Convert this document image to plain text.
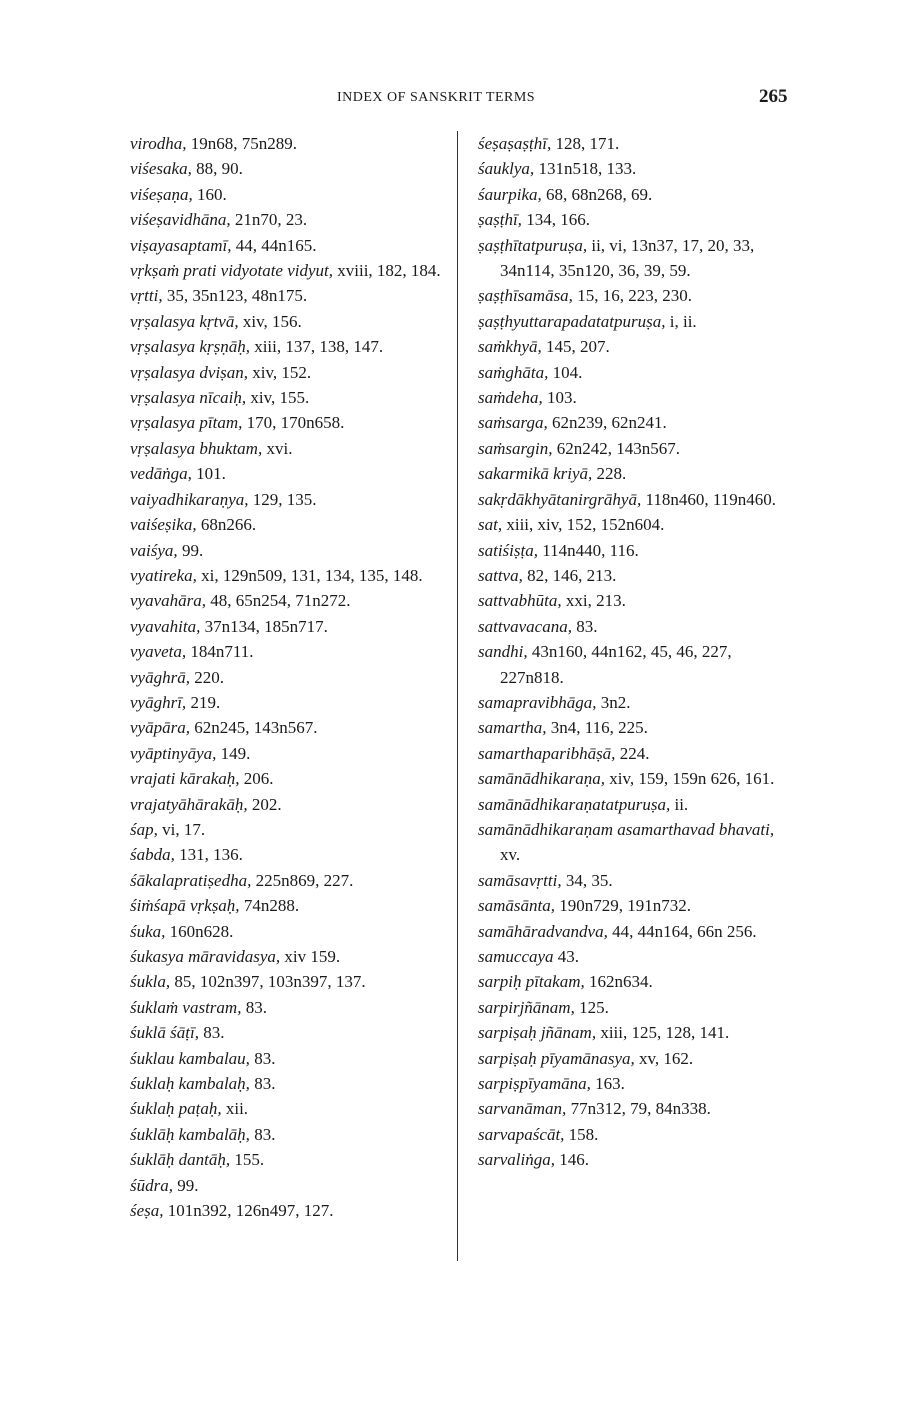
INDEX OF SANSKRIT TERMS	265
virodha, 19n68, 75n289.
viśesaka, 88, 90.
viśeṣaṇa, 160.
viśeṣavidhāna, 21n70, 23.
viṣayasaptamī, 44, 44n165.
vṛkṣaṁ prati vidyotate vidyut, xviii, 182, 184.
vṛtti, 35, 35n123, 48n175.
vṛṣalasya kṛtvā, xiv, 156.
vṛṣalasya kṛṣṇāḥ, xiii, 137, 138, 147.
vṛṣalasya dviṣan, xiv, 152.
vṛṣalasya nīcaiḥ, xiv, 155.
vṛṣalasya pītam, 170, 170n658.
vṛṣalasya bhuktam, xvi.
vedāṅga, 101.
vaiyadhikaraṇya, 129, 135.
vaiśeṣika, 68n266.
vaiśya, 99.
vyatireka, xi, 129n509, 131, 134, 135, 148.
vyavahāra, 48, 65n254, 71n272.
vyavahita, 37n134, 185n717.
vyaveta, 184n711.
vyāghrā, 220.
vyāghrī, 219.
vyāpāra, 62n245, 143n567.
vyāptinyāya, 149.
vrajati kārakaḥ, 206.
vrajatyāhārakāḥ, 202.
śap, vi, 17.
śabda, 131, 136.
śākalapratiṣedha, 225n869, 227.
śiṁśapā vṛkṣaḥ, 74n288.
śuka, 160n628.
śukasya māravidasya, xiv 159.
śukla, 85, 102n397, 103n397, 137.
śuklaṁ vastram, 83.
śuklā śāṭī, 83.
śuklau kambalau, 83.
śuklaḥ kambalaḥ, 83.
śuklaḥ paṭaḥ, xii.
śuklāḥ kambalāḥ, 83.
śuklāḥ dantāḥ, 155.
śūdra, 99.
śeṣa, 101n392, 126n497, 127.
śeṣaṣaṣṭhī, 128, 171.
śauklya, 131n518, 133.
śaurpika, 68, 68n268, 69.
ṣaṣṭhī, 134, 166.
ṣaṣṭhītatpuruṣa, ii, vi, 13n37, 17, 20, 33, 34n114, 35n120, 36, 39, 59.
ṣaṣṭhīsamāsa, 15, 16, 223, 230.
ṣaṣṭhyuttarapadatatpuruṣa, i, ii.
saṁkhyā, 145, 207.
saṁghāta, 104.
saṁdeha, 103.
saṁsarga, 62n239, 62n241.
saṁsargin, 62n242, 143n567.
sakarmikā kriyā, 228.
sakṛdākhyātanirgrāhyā, 118n460, 119n460.
sat, xiii, xiv, 152, 152n604.
satiśiṣṭa, 114n440, 116.
sattva, 82, 146, 213.
sattvabhūta, xxi, 213.
sattvavacana, 83.
sandhi, 43n160, 44n162, 45, 46, 227, 227n818.
samapravibhāga, 3n2.
samartha, 3n4, 116, 225.
samarthaparibhāṣā, 224.
samānādhikaraṇa, xiv, 159, 159n 626, 161.
samānādhikaraṇatatpuruṣa, ii.
samānādhikaraṇam asamarthavad bhavati, xv.
samāsavṛtti, 34, 35.
samāsānta, 190n729, 191n732.
samāhāradvandva, 44, 44n164, 66n 256.
samuccaya 43.
sarpiḥ pītakam, 162n634.
sarpirjñānam, 125.
sarpiṣaḥ jñānam, xiii, 125, 128, 141.
sarpiṣaḥ pīyamānasya, xv, 162.
sarpiṣpīyamāna, 163.
sarvanāman, 77n312, 79, 84n338.
sarvapaścāt, 158.
sarvaliṅga, 146.
